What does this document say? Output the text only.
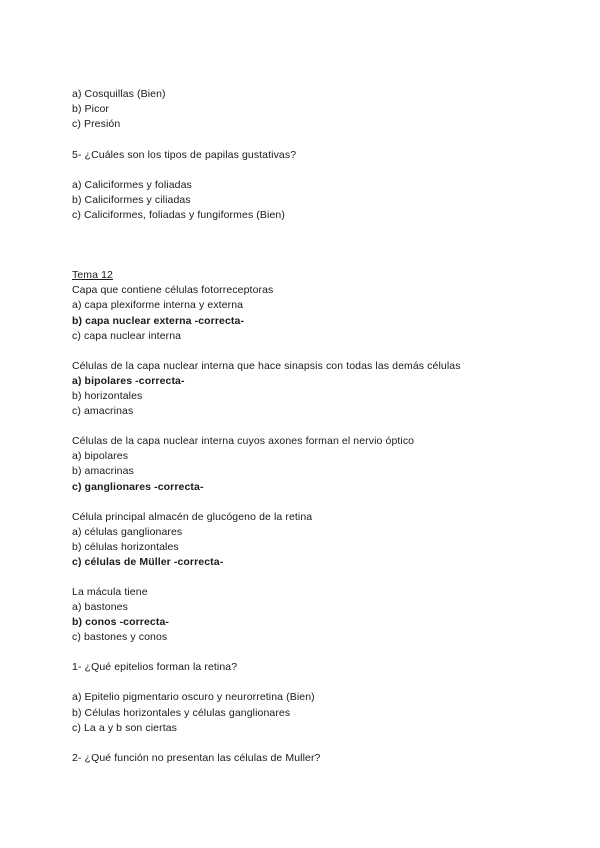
a) Cosquillas (Bien)
b) Picor
c) Presión
5- ¿Cuáles son los tipos de papilas gustativas?
a) Caliciformes y foliadas
b) Caliciformes y ciliadas
c) Caliciformes, foliadas y fungiformes (Bien)
Tema 12
Capa que contiene células fotorreceptoras
a) capa plexiforme interna y externa
b) capa nuclear externa -correcta-
c) capa nuclear interna
Células de la capa nuclear interna que hace sinapsis con todas las demás células
a) bipolares -correcta-
b) horizontales
c) amacrinas
Células de la capa nuclear interna cuyos axones forman el nervio óptico
a) bipolares
b) amacrinas
c) ganglionares -correcta-
Célula principal almacén de glucógeno de la retina
a) células ganglionares
b) células horizontales
c) células de Müller -correcta-
La mácula tiene
a) bastones
b) conos -correcta-
c) bastones y conos
1- ¿Qué epitelios forman la retina?
a) Epitelio pigmentario oscuro y neurorretina (Bien)
b) Células horizontales y células ganglionares
c) La a y b son ciertas
2- ¿Qué función no presentan las células de Muller?
